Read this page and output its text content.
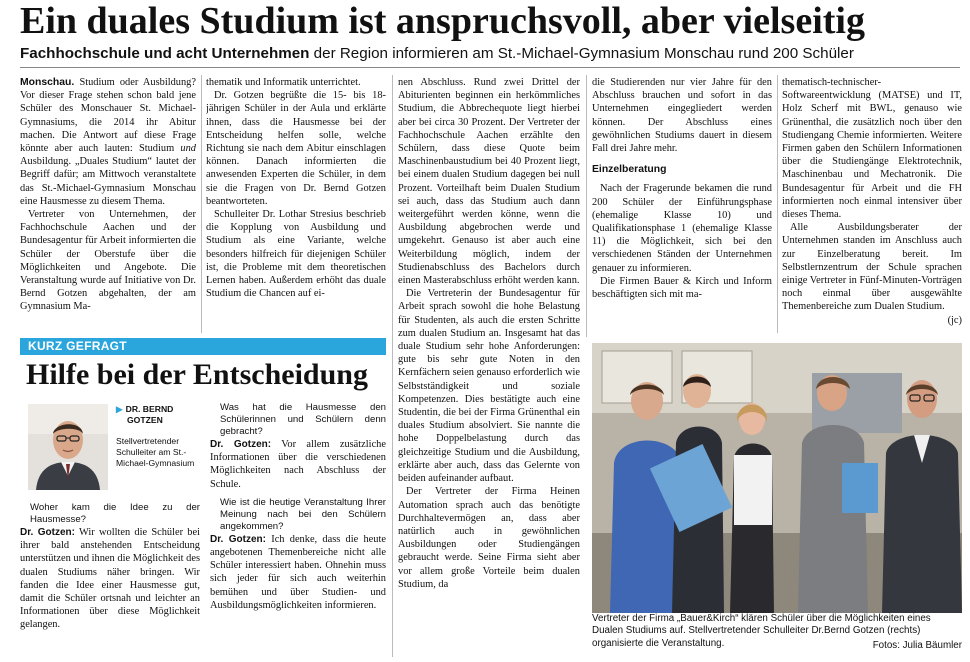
Ein duales Studium ist anspruchsvoll, aber vielseitig
Fachhochschule und acht Unternehmen der Region informieren am St.-Michael-Gymnasium Monschau rund 200 Schüler

Monschau. Studium oder Ausbildung? Vor dieser Frage stehen schon bald jene Schüler des Monschauer St. Michael-Gymnasiums, die 2014 ihr Abitur machen. Die Antwort auf diese Frage könnte aber auch lauten: Studium und Ausbildung. „Duales Studium“ lautet der Begriff dafür; am Mittwoch veranstaltete das St.-Michael-Gymnasium Monschau eine Hausmesse zu diesem Thema.

Vertreter von Unternehmen, der Fachhochschule Aachen und der Bundesagentur für Arbeit informierten die Schüler der Oberstufe über die Möglichkeiten und Angebote. Die Veranstaltung wurde auf Initiative von Dr. Bernd Gotzen abgehalten, der am Gymnasium Ma-

thematik und Informatik unterrichtet.

Dr. Gotzen begrüßte die 15- bis 18-jährigen Schüler in der Aula und erklärte ihnen, dass die Hausmesse bei der Entscheidung helfen solle, welche Richtung sie nach dem Abitur einschlagen können. Danach informierten die anwesenden Experten die Schüler, in dem sie die Fragen von Dr. Bernd Gotzen beantworteten.

Schulleiter Dr. Lothar Stresius beschrieb die Kopplung von Ausbildung und Studium als eine Variante, welche besonders hilfreich für diejenigen Schüler ist, die Probleme mit dem theoretischen Lernen haben. Außerdem erhöht das duale Studium die Chancen auf ei-

nen Abschluss. Rund zwei Drittel der Abiturienten beginnen ein herkömmliches Studium, die Abbrechequote liegt hierbei aber bei circa 30 Prozent. Der Vertreter der Fachhochschule Aachen erzählte den Schülern, dass diese Quote beim Maschinenbaustudium bei 40 Prozent liegt, bei einem dualen Studium dagegen bei null Prozent. Vorteilhaft beim Dualen Studium sei auch, dass das Studium auch dann weitergeführt werden könne, wenn die Ausbildung abgebrochen werde und umgekehrt. Genauso ist aber auch eine Weiterbildung möglich, indem der Studienabschluss des Bachelors durch einen Masterabschluss erhöht werden kann.

Die Vertreterin der Bundesagentur für Arbeit sprach sowohl die hohe Belastung für Studenten, als auch die ersten Schritte zum dualen Studium an. Insgesamt hat das duale Studium sehr hohe Anforderungen: gute bis sehr gute Noten in den Kernfächern seien genauso erforderlich wie Selbstständigkeit und soziale Kompetenzen. Dies bestätigte auch eine Studentin, die bei der Firma Grünenthal ein duales Studium absolviert. Sie nannte die hohe Doppelbelastung durch das gleichzeitige Studium und die Ausbildung, erklärte aber auch, dass das Gelernte von beiden aufeinander aufbaut.

Der Vertreter der Firma Heinen Automation sprach auch das benötigte Durchhaltevermögen an, dass aber natürlich auch in gewöhnlichen Ausbildungen oder Studiengängen gebraucht werde. Seine Firma sieht aber vor allem große Vorteile beim dualen Studium, da

die Studierenden nur vier Jahre für den Abschluss brauchen und sofort in das Unternehmen eingegliedert werden können. Der Abschluss eines gewöhnlichen Studiums dauert in diesem Fall drei Jahre mehr.

Einzelberatung

Nach der Fragerunde bekamen die rund 200 Schüler der Einführungsphase (ehemalige Klasse 10) und Qualifikationsphase 1 (ehemalige Klasse 11) die Möglichkeit, sich bei den verschiedenen Ständen der Unternehmen genauer zu informieren.

Die Firmen Bauer & Kirch und Inform beschäftigten sich mit ma-

thematisch-technischer-Softwareentwicklung (MATSE) und IT, Holz Scherf mit BWL, genauso wie Grünenthal, die zusätzlich noch über den Studiengang Chemie informierten. Weitere Firmen gaben den Schülern Informationen über die Studiengänge Elektrotechnik, Maschinenbau und Mechatronik. Die Bundesagentur für Arbeit und die FH informierten noch einmal intensiver über dieses Thema.

Alle Ausbildungsberater der Unternehmen standen im Anschluss auch zur Einzelberatung bereit. Im Selbstlernzentrum der Schule sprachen einige Vertreter in Fünf-Minuten-Vorträgen noch einmal über ausgewählte Themenbereiche zum Dualen Studium.
(jc)

KURZ GEFRAGT
Hilfe bei der Entscheidung
▶ DR. BERND
GOTZEN
Stellvertretender Schulleiter am St.-Michael-Gymnasium

Woher kam die Idee zu der Hausmesse?

Dr. Gotzen: Wir wollten die Schüler bei ihrer bald anstehenden Entscheidung unterstützen und ihnen die Möglichkeit des dualen Studiums näher bringen. Wir fanden die Idee einer Hausmesse gut, damit die Schüler ortsnah und leichter an Informationen über diese Möglichkeit gelangen.

Was hat die Hausmesse den Schülerinnen und Schülern denn gebracht?

Dr. Gotzen: Vor allem zusätzliche Informationen über die verschiedenen Möglichkeiten nach Abschluss der Schule.

Wie ist die heutige Veranstaltung Ihrer Meinung nach bei den Schülern angekommen?

Dr. Gotzen: Ich denke, dass die heute angebotenen Themenbereiche nicht alle Schüler interessiert haben. Ohnehin muss sich jeder für sich auch weiterhin bemühen und über Studien- und Ausbildungsmöglichkeiten informieren.

Vertreter der Firma „Bauer&Kirch“ klären Schüler über die Möglichkeiten eines Dualen Studiums auf. Stellvertretender Schulleiter Dr.Bernd Gotzen (rechts) organisierte die Veranstaltung.	Fotos: Julia Bäumler
